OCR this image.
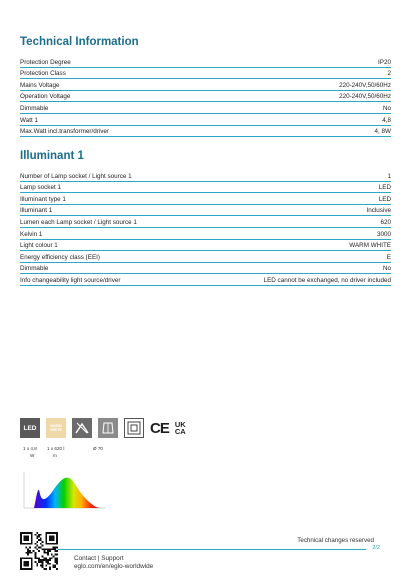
Technical Information
Protection Degree	IP20
Protection Class	2
Mains Voltage	220-240V,50/60Hz
Operation Voltage	220-240V,50/60Hz
Dimmable	No
Watt 1	4,8
Max.Watt incl.transformer/driver	4, 8W
Illuminant 1
Number of Lamp socket / Light source 1	1
Lamp socket 1	LED
Illuminant type 1	LED
Illuminant 1	Inclusive
Lumen each Lamp socket / Light source 1	620
Kelvin 1	3000
Light colour 1	WARM WHITE
Energy efficiency class (EEI)	E
Dimmable	No
Info changeability light source/driver	LED cannot be exchanged, no driver included
LED	WARM WHITE	CE UK
CA
1 x 4,8
W
1 x 620 l
m
Ø 70
Technical changes reserved
2/2
Contact | Support
eglo.com/en/eglo-worldwide
